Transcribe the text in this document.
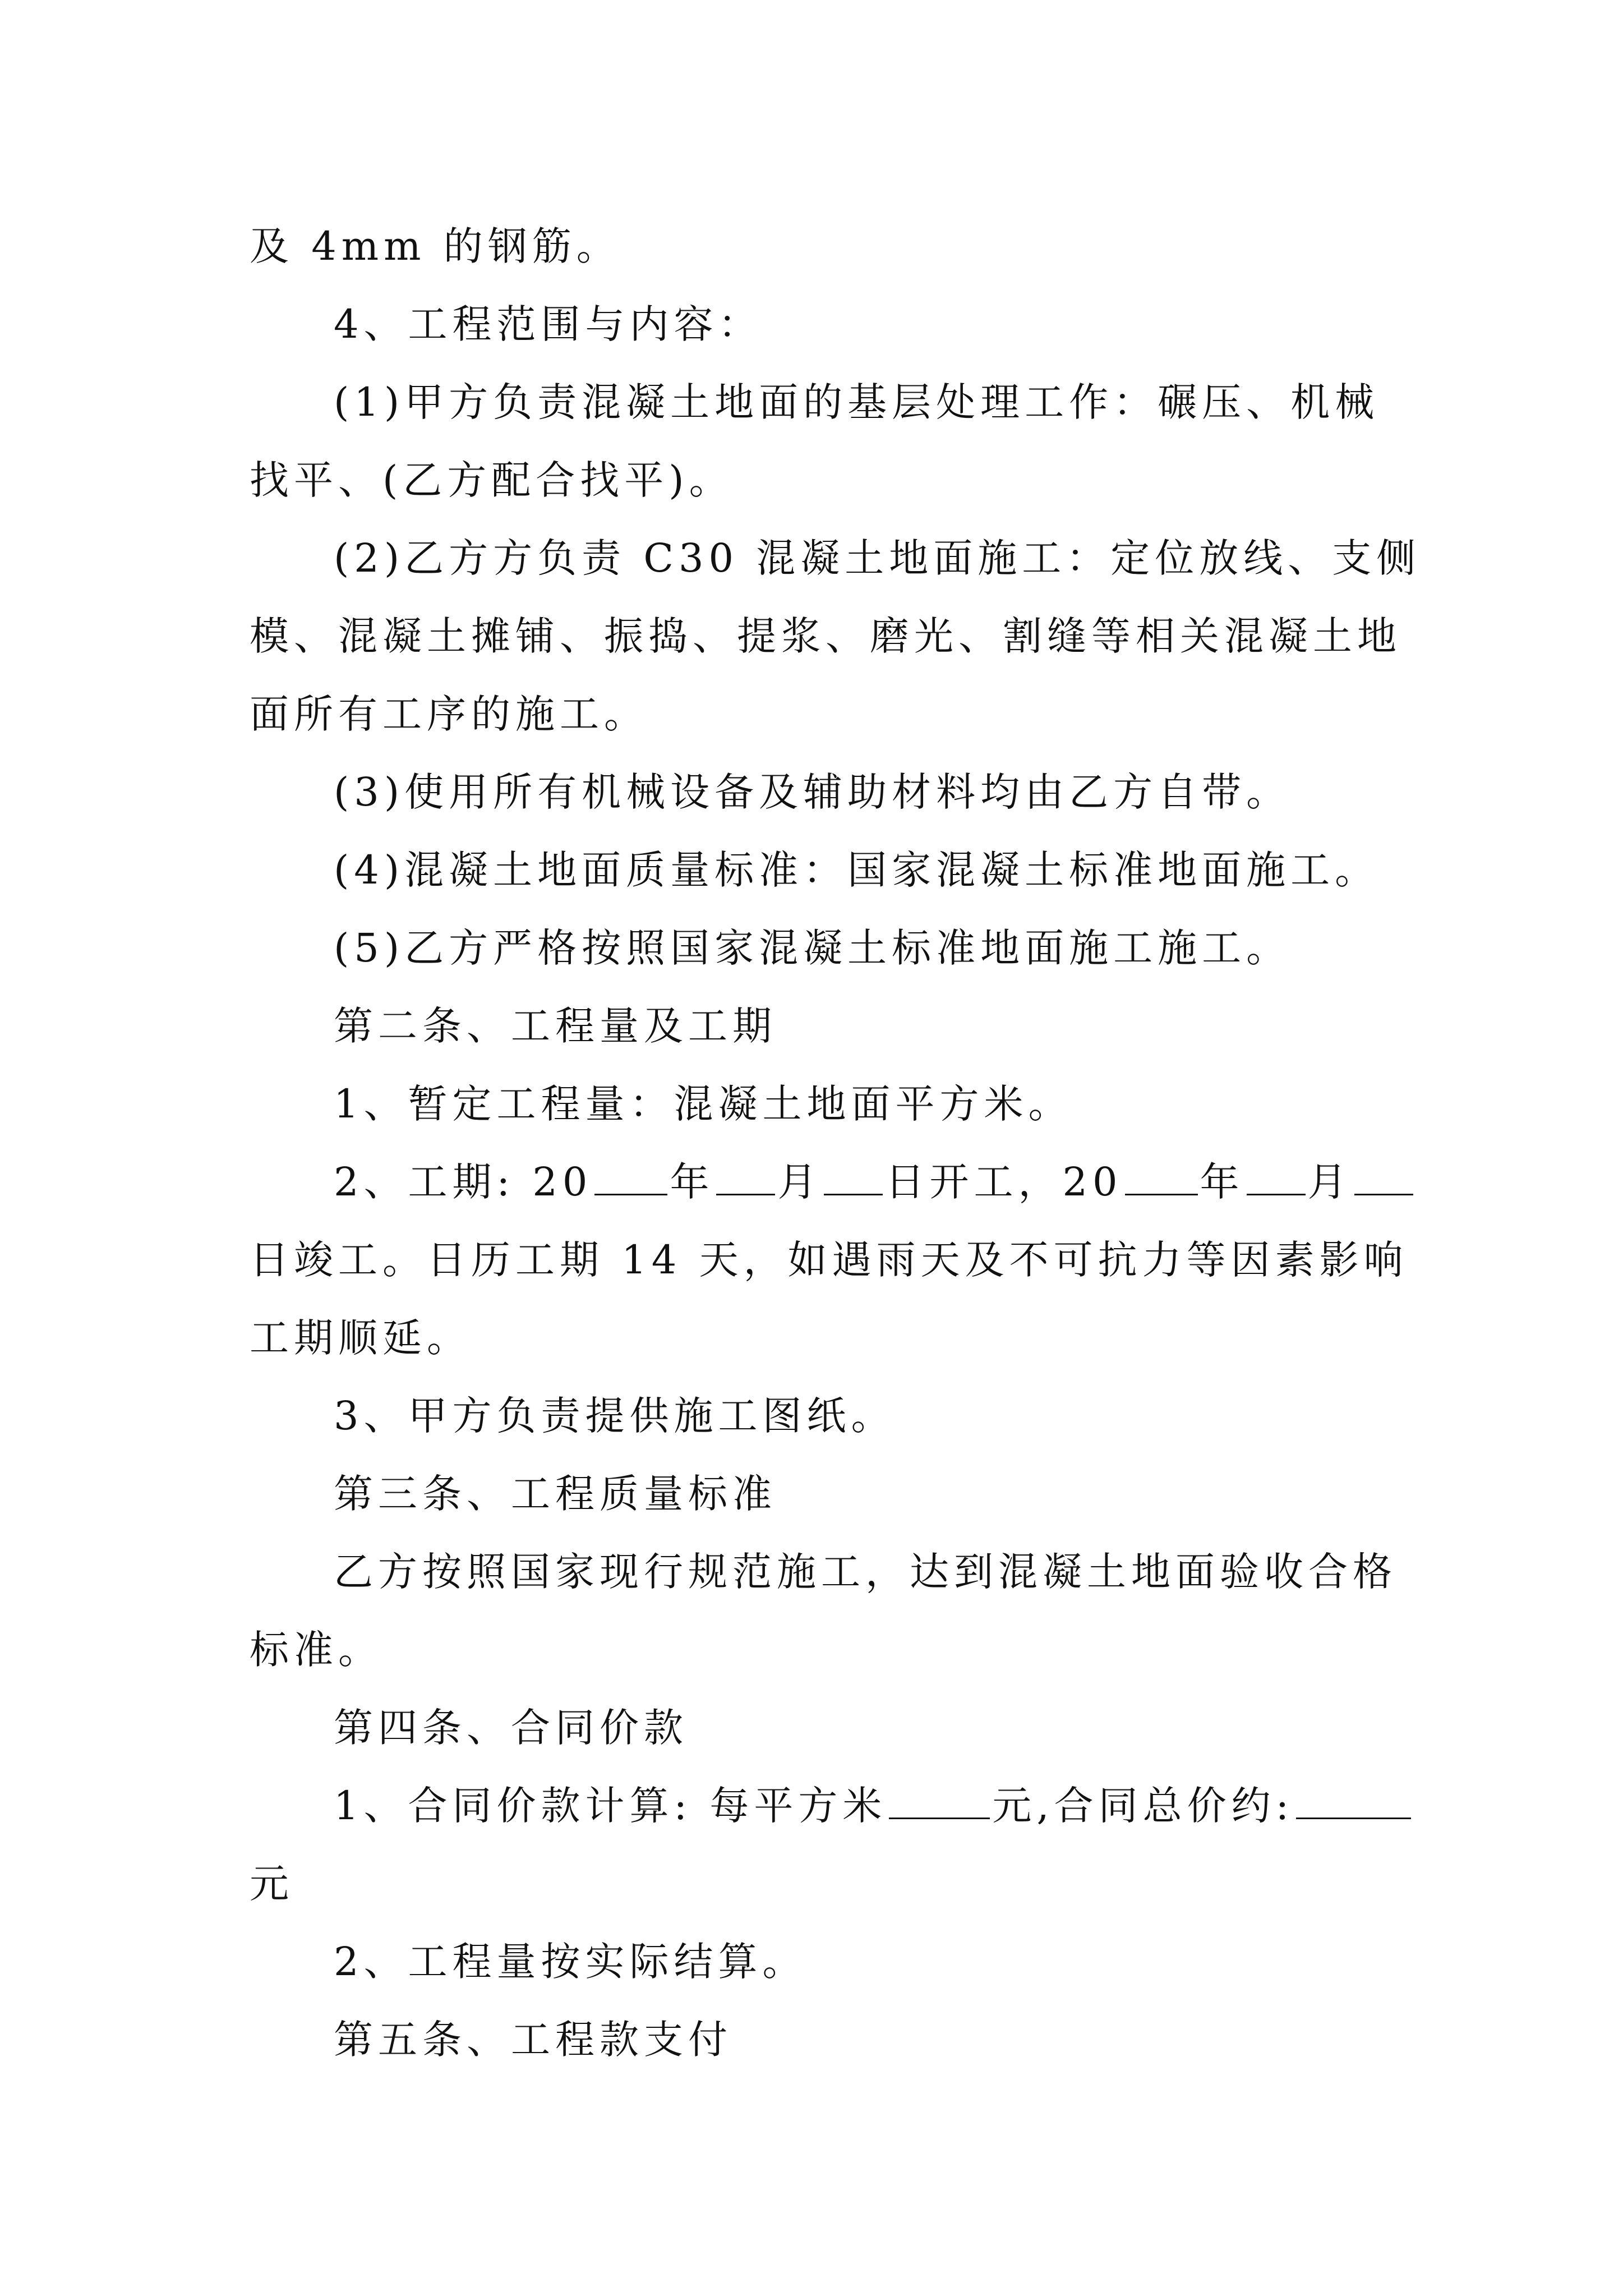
及 4mm 的钢筋。
4、工程范围与内容：
(1)甲方负责混凝土地面的基层处理工作：碾压、机械
找平、(乙方配合找平)。
(2)乙方方负责 C30 混凝土地面施工：定位放线、支侧
模、混凝土摊铺、振捣、提浆、磨光、割缝等相关混凝土地
面所有工序的施工。
(3)使用所有机械设备及辅助材料均由乙方自带。
(4)混凝土地面质量标准：国家混凝土标准地面施工。
(5)乙方严格按照国家混凝土标准地面施工施工。
第二条、工程量及工期
1、暂定工程量：混凝土地面平方米。
2、工期: 20 年 月 日开工，20 年 月
日竣工。日历工期 14 天，如遇雨天及不可抗力等因素影响
工期顺延。
3、甲方负责提供施工图纸。
第三条、工程质量标准
乙方按照国家现行规范施工，达到混凝土地面验收合格
标准。
第四条、合同价款
1、合同价款计算: 每平方米	元,合同总价约:
元
2、工程量按实际结算。
第五条、工程款支付
